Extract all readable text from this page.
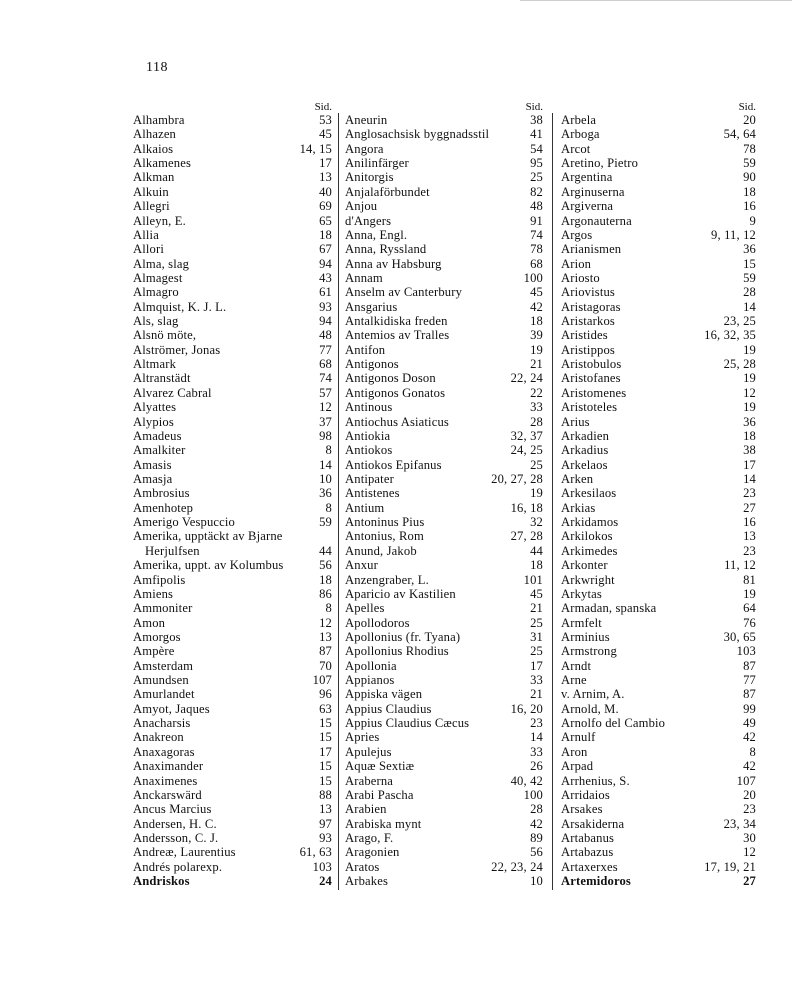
118
Sid.
Alhambra	53
Alhazen	45
Alkaios	14, 15
Alkamenes	17
Alkman	13
Alkuin	40
Allegri	69
Alleyn, E.	65
Allia	18
Allori	67
Alma, slag	94
Almagest	43
Almagro	61
Almquist, K. J. L.	93
Als, slag	94
Alsnö möte,	48
Alströmer, Jonas	77
Altmark	68
Altranstädt	74
Alvarez Cabral	57
Alyattes	12
Alypios	37
Amadeus	98
Amalkiter	8
Amasis	14
Amasja	10
Ambrosius	36
Amenhotep	8
Amerigo Vespuccio	59
Amerika, upptäckt av Bjarne
Herjulfsen	44
Amerika, uppt. av Kolumbus	56
Amfipolis	18
Amiens	86
Ammoniter	8
Amon	12
Amorgos	13
Ampère	87
Amsterdam	70
Amundsen	107
Amurlandet	96
Amyot, Jaques	63
Anacharsis	15
Anakreon	15
Anaxagoras	17
Anaximander	15
Anaximenes	15
Anckarswärd	88
Ancus Marcius	13
Andersen, H. C.	97
Andersson, C. J.	93
Andreæ, Laurentius	61, 63
Andrés polarexp.	103
Andriskos	24
Sid.
Aneurin	38
Anglosachsisk byggnadsstil	41
Angora	54
Anilinfärger	95
Anitorgis	25
Anjalaförbundet	82
Anjou	48
d'Angers	91
Anna, Engl.	74
Anna, Ryssland	78
Anna av Habsburg	68
Annam	100
Anselm av Canterbury	45
Ansgarius	42
Antalkidiska freden	18
Antemios av Tralles	39
Antifon	19
Antigonos	21
Antigonos Doson	22, 24
Antigonos Gonatos	22
Antinous	33
Antiochus Asiaticus	28
Antiokia	32, 37
Antiokos	24, 25
Antiokos Epifanus	25
Antipater	20, 27, 28
Antistenes	19
Antium	16, 18
Antoninus Pius	32
Antonius, Rom	27, 28
Anund, Jakob	44
Anxur	18
Anzengraber, L.	101
Aparicio av Kastilien	45
Apelles	21
Apollodoros	25
Apollonius (fr. Tyana)	31
Apollonius Rhodius	25
Apollonia	17
Appianos	33
Appiska vägen	21
Appius Claudius	16, 20
Appius Claudius Cæcus	23
Apries	14
Apulejus	33
Aquæ Sextiæ	26
Araberna	40, 42
Arabi Pascha	100
Arabien	28
Arabiska mynt	42
Arago, F.	89
Aragonien	56
Aratos	22, 23, 24
Arbakes	10
Sid.
Arbela	20
Arboga	54, 64
Arcot	78
Aretino, Pietro	59
Argentina	90
Arginuserna	18
Argiverna	16
Argonauterna	9
Argos	9, 11, 12
Arianismen	36
Arion	15
Ariosto	59
Ariovistus	28
Aristagoras	14
Aristarkos	23, 25
Aristides	16, 32, 35
Aristippos	19
Aristobulos	25, 28
Aristofanes	19
Aristomenes	12
Aristoteles	19
Arius	36
Arkadien	18
Arkadius	38
Arkelaos	17
Arken	14
Arkesilaos	23
Arkias	27
Arkidamos	16
Arkilokos	13
Arkimedes	23
Arkonter	11, 12
Arkwright	81
Arkytas	19
Armadan, spanska	64
Armfelt	76
Arminius	30, 65
Armstrong	103
Arndt	87
Arne	77
v. Arnim, A.	87
Arnold, M.	99
Arnolfo del Cambio	49
Arnulf	42
Aron	8
Arpad	42
Arrhenius, S.	107
Arridaios	20
Arsakes	23
Arsakiderna	23, 34
Artabanus	30
Artabazus	12
Artaxerxes	17, 19, 21
Artemidoros	27
